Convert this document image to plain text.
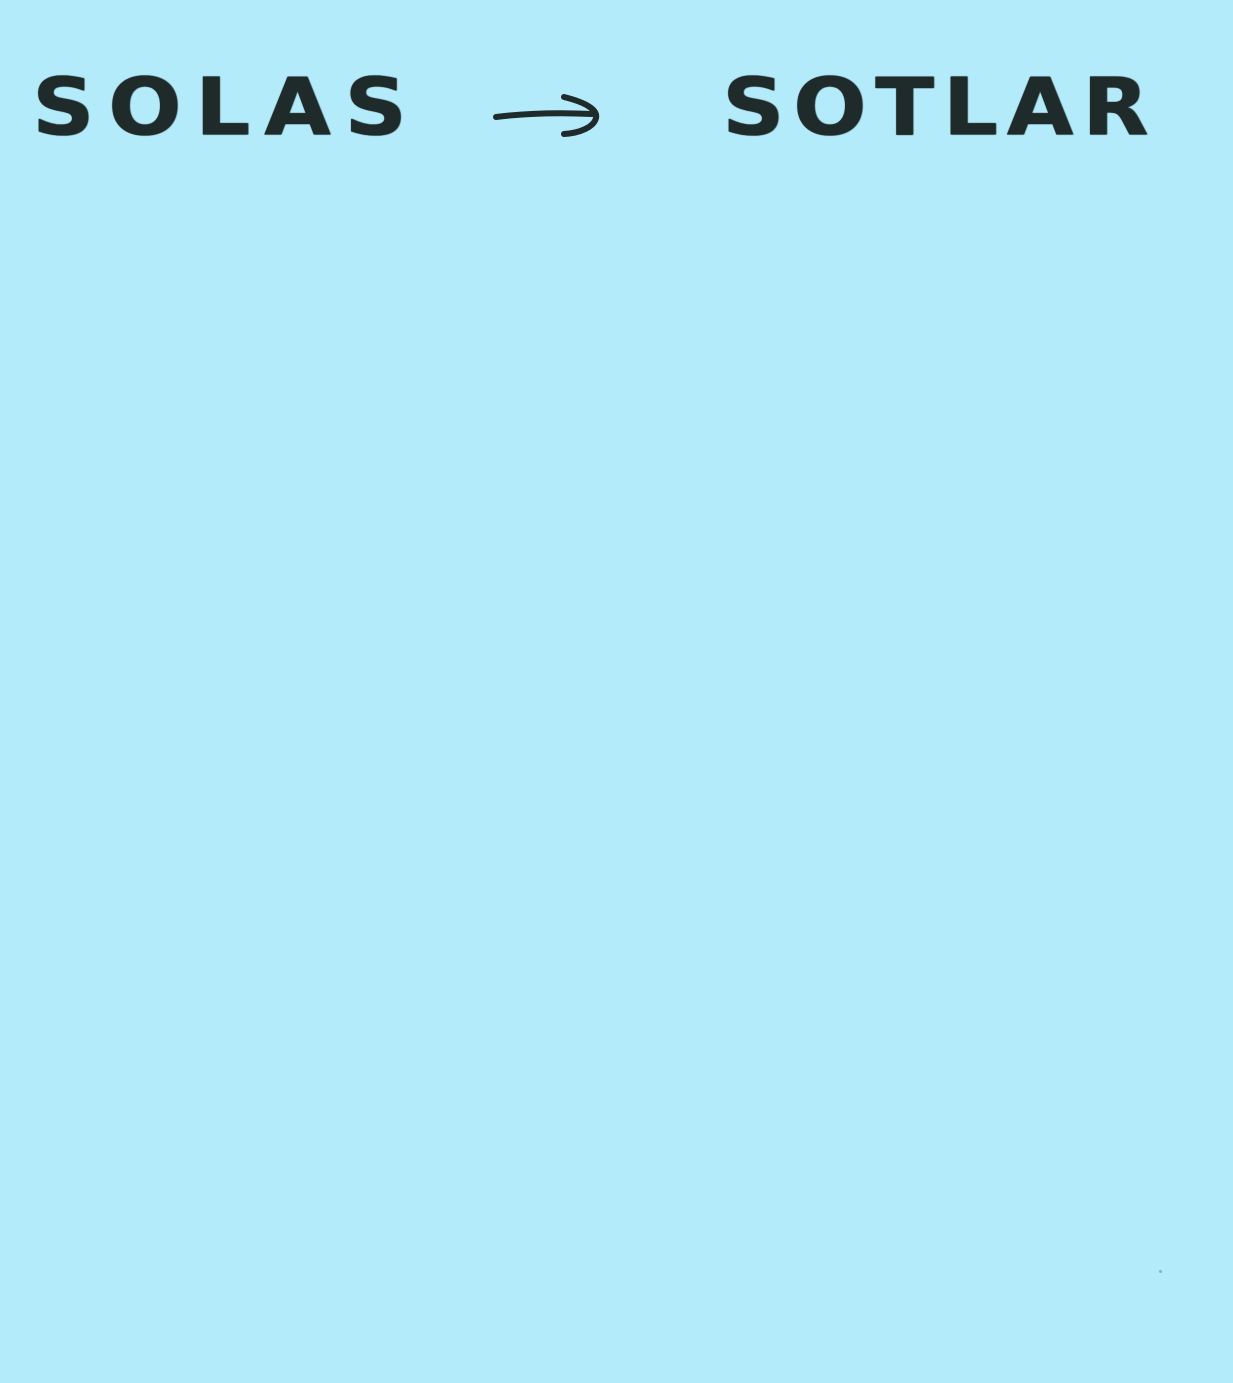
SOLAS	SOTLAR
